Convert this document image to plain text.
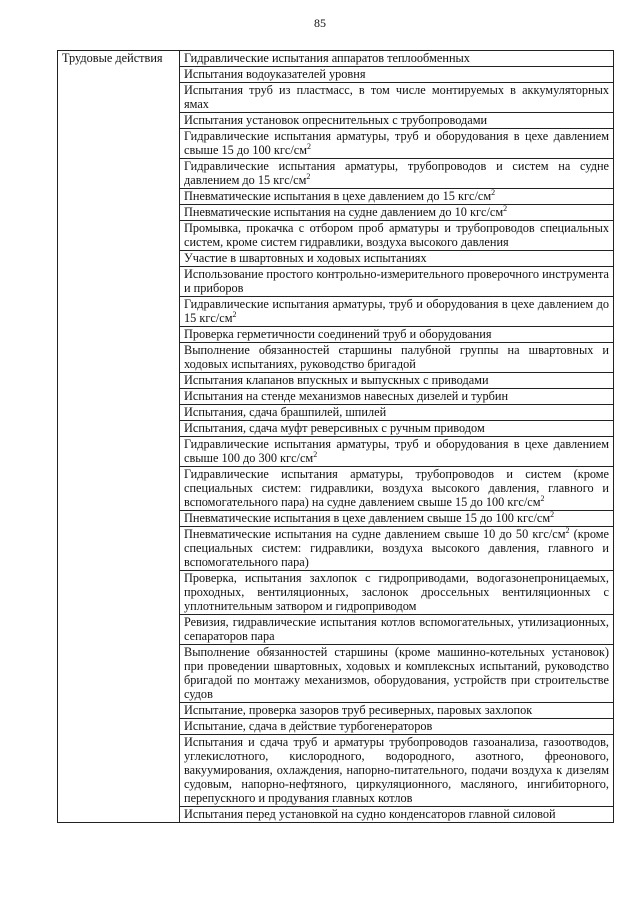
85
Трудовые действия	Гидравлические испытания аппаратов теплообменных
Испытания водоуказателей уровня
Испытания труб из пластмасс, в том числе монтируемых в аккумуляторных ямах
Испытания установок опреснительных с трубопроводами
Гидравлические испытания арматуры, труб и оборудования в цехе давлением свыше 15 до 100 кгс/$см^2$
Гидравлические испытания арматуры, трубопроводов и систем на судне давлением до 15 кгс/$см^2$
Пневматические испытания в цехе давлением до 15 кгс/$см^2$
Пневматические испытания на судне давлением до 10 кгс/$см^2$
Промывка, прокачка с отбором проб арматуры и трубопроводов специальных систем, кроме систем гидравлики, воздуха высокого давления
Участие в швартовных и ходовых испытаниях
Использование простого контрольно-измерительного проверочного инструмента и приборов
Гидравлические испытания арматуры, труб и оборудования в цехе давлением до 15 кгс/$см^2$
Проверка герметичности соединений труб и оборудования
Выполнение обязанностей старшины палубной группы на швартовных и ходовых испытаниях, руководство бригадой
Испытания клапанов впускных и выпускных с приводами
Испытания на стенде механизмов навесных дизелей и турбин
Испытания, сдача брашпилей, шпилей
Испытания, сдача муфт реверсивных с ручным приводом
Гидравлические испытания арматуры, труб и оборудования в цехе давлением свыше 100 до 300 кгс/$см^2$
Гидравлические испытания арматуры, трубопроводов и систем (кроме специальных систем: гидравлики, воздуха высокого давления, главного и вспомогательного пара) на судне давлением свыше 15 до 100 кгс/$см^2$
Пневматические испытания в цехе давлением свыше 15 до 100 кгс/$см^2$
Пневматические испытания на судне давлением свыше 10 до 50 кгс/$см^2$ (кроме специальных систем: гидравлики, воздуха высокого давления, главного и вспомогательного пара)
Проверка, испытания захлопок с гидроприводами, водогазонепроницаемых, проходных, вентиляционных, заслонок дроссельных вентиляционных с уплотнительным затвором и гидроприводом
Ревизия, гидравлические испытания котлов вспомогательных, утилизационных, сепараторов пара
Выполнение обязанностей старшины (кроме машинно-котельных установок) при проведении швартовных, ходовых и комплексных испытаний, руководство бригадой по монтажу механизмов, оборудования, устройств при строительстве судов
Испытание, проверка зазоров труб ресиверных, паровых захлопок
Испытание, сдача в действие турбогенераторов
Испытания и сдача труб и арматуры трубопроводов газоанализа, газоотводов, углекислотного, кислородного, водородного, азотного, фреонового, вакуумирования, охлаждения, напорно-питательного, подачи воздуха к дизелям судовым, напорно-нефтяного, циркуляционного, масляного, ингибиторного, перепускного и продувания главных котлов
Испытания перед установкой на судно конденсаторов главной силовой
